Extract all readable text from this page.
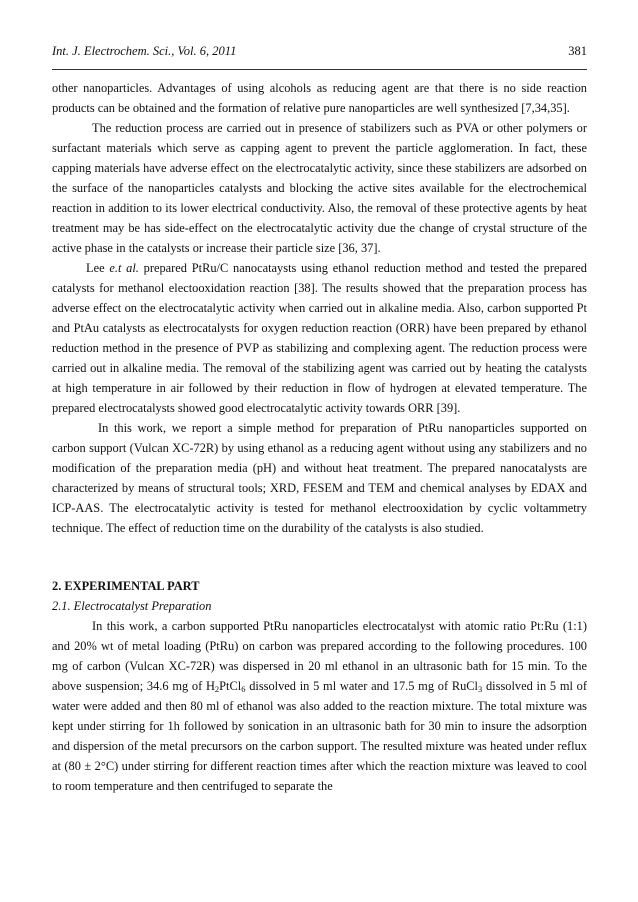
Int. J. Electrochem. Sci., Vol. 6, 2011	381

other nanoparticles. Advantages of using alcohols as reducing agent are that there is no side reaction products can be obtained and the formation of relative pure nanoparticles are well synthesized [7,34,35].

The reduction process are carried out in presence of stabilizers such as PVA or other polymers or surfactant materials which serve as capping agent to prevent the particle agglomeration. In fact, these capping materials have adverse effect on the electrocatalytic activity, since these stabilizers are adsorbed on the surface of the nanoparticles catalysts and blocking the active sites available for the electrochemical reaction in addition to its lower electrical conductivity. Also, the removal of these protective agents by heat treatment may be has side-effect on the electrocatalytic activity due the change of crystal structure of the active phase in the catalysts or increase their particle size [36, 37].

Lee e.t al. prepared PtRu/C nanocataysts using ethanol reduction method and tested the prepared catalysts for methanol electooxidation reaction [38]. The results showed that the preparation process has adverse effect on the electrocatalytic activity when carried out in alkaline media. Also, carbon supported Pt and PtAu catalysts as electrocatalysts for oxygen reduction reaction (ORR) have been prepared by ethanol reduction method in the presence of PVP as stabilizing and complexing agent. The reduction process were carried out in alkaline media. The removal of the stabilizing agent was carried out by heating the catalysts at high temperature in air followed by their reduction in flow of hydrogen at elevated temperature. The prepared electrocatalysts showed good electrocatalytic activity towards ORR [39].

In this work, we report a simple method for preparation of PtRu nanoparticles supported on carbon support (Vulcan XC-72R) by using ethanol as a reducing agent without using any stabilizers and no modification of the preparation media (pH) and without heat treatment. The prepared nanocatalysts are characterized by means of structural tools; XRD, FESEM and TEM and chemical analyses by EDAX and ICP-AAS. The electrocatalytic activity is tested for methanol electrooxidation by cyclic voltammetry technique. The effect of reduction time on the durability of the catalysts is also studied.

2. EXPERIMENTAL PART

2.1. Electrocatalyst Preparation

In this work, a carbon supported PtRu nanoparticles electrocatalyst with atomic ratio Pt:Ru (1:1) and 20% wt of metal loading (PtRu) on carbon was prepared according to the following procedures. 100 mg of carbon (Vulcan XC-72R) was dispersed in 20 ml ethanol in an ultrasonic bath for 15 min. To the above suspension; 34.6 mg of $H_2PtCl_6$ dissolved in 5 ml water and 17.5 mg of RuCl$_3$ dissolved in 5 ml of water were added and then 80 ml of ethanol was also added to the reaction mixture. The total mixture was kept under stirring for 1h followed by sonication in an ultrasonic bath for 30 min to insure the adsorption and dispersion of the metal precursors on the carbon support. The resulted mixture was heated under reflux at (80 ± 2°C) under stirring for different reaction times after which the reaction mixture was leaved to cool to room temperature and then centrifuged to separate the
